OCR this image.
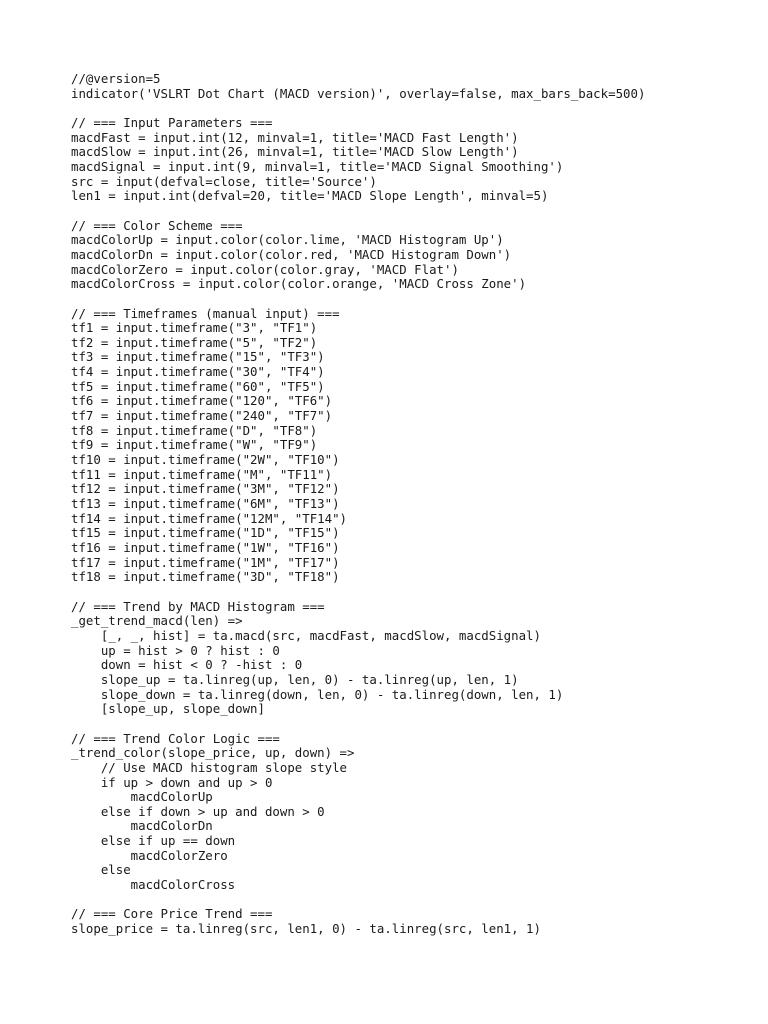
//@version=5
indicator('VSLRT Dot Chart (MACD version)', overlay=false, max_bars_back=500)
// === Input Parameters ===
macdFast = input.int(12, minval=1, title='MACD Fast Length')
macdSlow = input.int(26, minval=1, title='MACD Slow Length')
macdSignal = input.int(9, minval=1, title='MACD Signal Smoothing')
src = input(defval=close, title='Source')
len1 = input.int(defval=20, title='MACD Slope Length', minval=5)
// === Color Scheme ===
macdColorUp = input.color(color.lime, 'MACD Histogram Up')
macdColorDn = input.color(color.red, 'MACD Histogram Down')
macdColorZero = input.color(color.gray, 'MACD Flat')
macdColorCross = input.color(color.orange, 'MACD Cross Zone')
// === Timeframes (manual input) ===
tf1 = input.timeframe("3", "TF1")
tf2 = input.timeframe("5", "TF2")
tf3 = input.timeframe("15", "TF3")
tf4 = input.timeframe("30", "TF4")
tf5 = input.timeframe("60", "TF5")
tf6 = input.timeframe("120", "TF6")
tf7 = input.timeframe("240", "TF7")
tf8 = input.timeframe("D", "TF8")
tf9 = input.timeframe("W", "TF9")
tf10 = input.timeframe("2W", "TF10")
tf11 = input.timeframe("M", "TF11")
tf12 = input.timeframe("3M", "TF12")
tf13 = input.timeframe("6M", "TF13")
tf14 = input.timeframe("12M", "TF14")
tf15 = input.timeframe("1D", "TF15")
tf16 = input.timeframe("1W", "TF16")
tf17 = input.timeframe("1M", "TF17")
tf18 = input.timeframe("3D", "TF18")
// === Trend by MACD Histogram ===
_get_trend_macd(len) =>
[_, _, hist] = ta.macd(src, macdFast, macdSlow, macdSignal)
up = hist > 0 ? hist : 0
down = hist < 0 ? -hist : 0
slope_up = ta.linreg(up, len, 0) - ta.linreg(up, len, 1)
slope_down = ta.linreg(down, len, 0) - ta.linreg(down, len, 1)
[slope_up, slope_down]
// === Trend Color Logic ===
_trend_color(slope_price, up, down) =>
// Use MACD histogram slope style
if up > down and up > 0
macdColorUp
else if down > up and down > 0
macdColorDn
else if up == down
macdColorZero
else
macdColorCross
// === Core Price Trend ===
slope_price = ta.linreg(src, len1, 0) - ta.linreg(src, len1, 1)
